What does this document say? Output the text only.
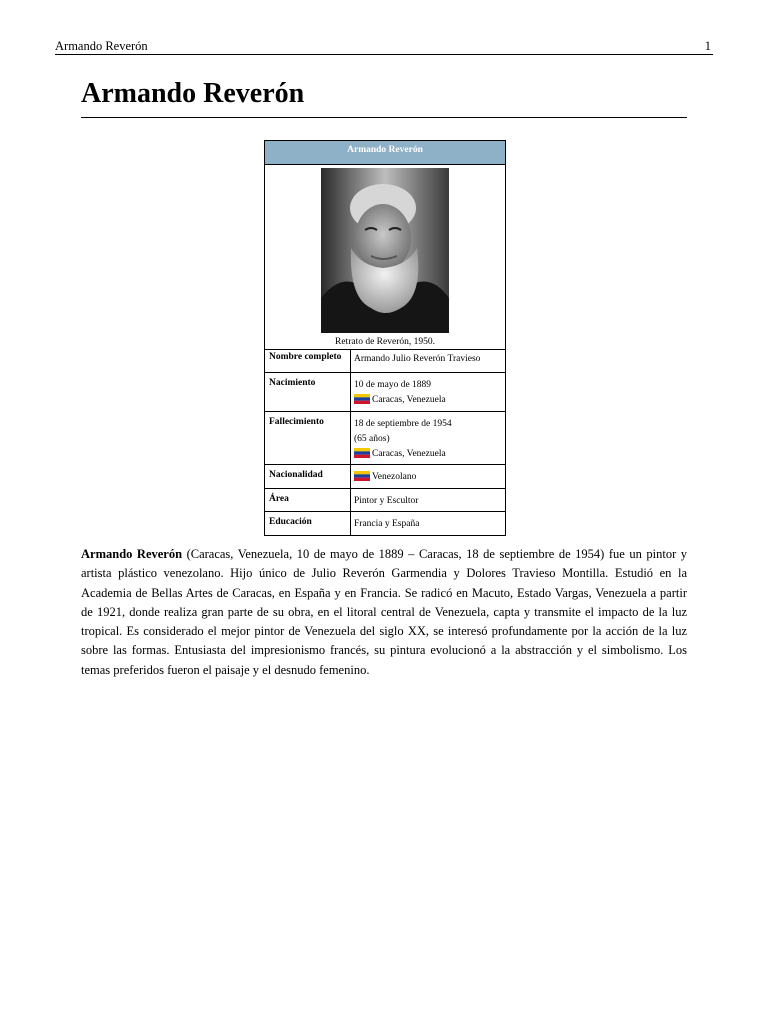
Armando Reverón	1
Armando Reverón
Armando Reverón
Retrato de Reverón, 1950.
Nombre completo	Armando Julio Reverón Travieso
Nacimiento	10 de mayo de 1889
Caracas, Venezuela
Fallecimiento	18 de septiembre de 1954
(65 años)
Caracas, Venezuela
Nacionalidad	Venezolano
Área	Pintor y Escultor
Educación	Francia y España

Armando Reverón (Caracas, Venezuela, 10 de mayo de 1889 – Caracas, 18 de septiembre de 1954) fue un pintor y artista plástico venezolano. Hijo único de Julio Reverón Garmendia y Dolores Travieso Montilla. Estudió en la Academia de Bellas Artes de Caracas, en España y en Francia. Se radicó en Macuto, Estado Vargas, Venezuela a partir de 1921, donde realiza gran parte de su obra, en el litoral central de Venezuela, capta y transmite el impacto de la luz tropical. Es considerado el mejor pintor de Venezuela del siglo XX, se interesó profundamente por la acción de la luz sobre las formas. Entusiasta del impresionismo francés, su pintura evolucionó a la abstracción y el simbolismo. Los temas preferidos fueron el paisaje y el desnudo femenino.
